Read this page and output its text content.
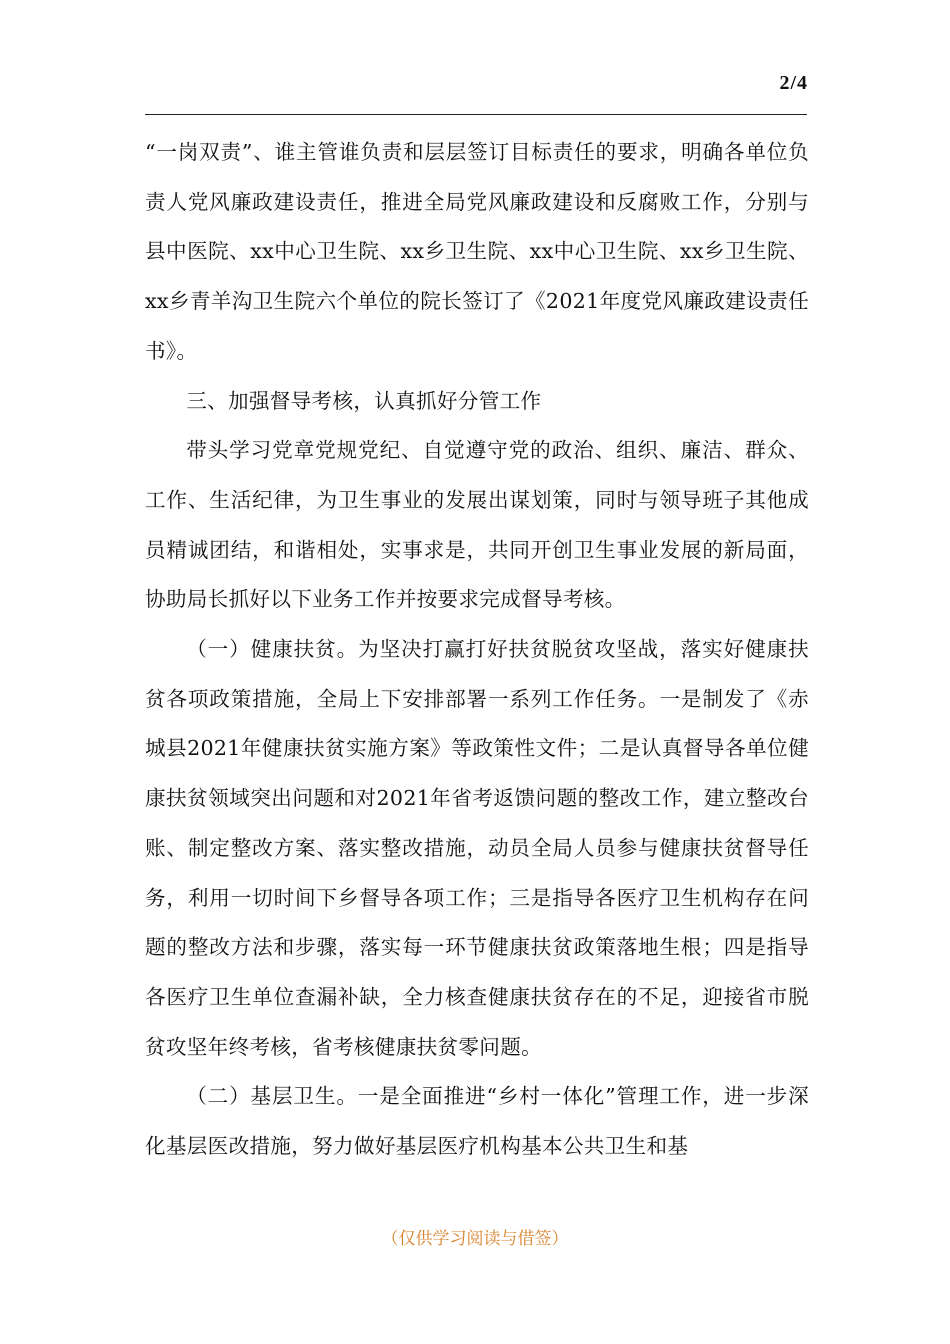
2/4

“一岗双责”、谁主管谁负责和层层签订目标责任的要求，明确各单位负责人党风廉政建设责任，推进全局党风廉政建设和反腐败工作，分别与县中医院、xx中心卫生院、xx乡卫生院、xx中心卫生院、xx乡卫生院、xx乡青羊沟卫生院六个单位的院长签订了《2021年度党风廉政建设责任书》。

三、加强督导考核，认真抓好分管工作

带头学习党章党规党纪、自觉遵守党的政治、组织、廉洁、群众、工作、生活纪律，为卫生事业的发展出谋划策，同时与领导班子其他成员精诚团结，和谐相处，实事求是，共同开创卫生事业发展的新局面，协助局长抓好以下业务工作并按要求完成督导考核。

（一）健康扶贫。为坚决打赢打好扶贫脱贫攻坚战，落实好健康扶贫各项政策措施，全局上下安排部署一系列工作任务。一是制发了《赤城县2021年健康扶贫实施方案》等政策性文件；二是认真督导各单位健康扶贫领域突出问题和对2021年省考返馈问题的整改工作，建立整改台账、制定整改方案、落实整改措施，动员全局人员参与健康扶贫督导任务，利用一切时间下乡督导各项工作；三是指导各医疗卫生机构存在问题的整改方法和步骤，落实每一环节健康扶贫政策落地生根；四是指导各医疗卫生单位查漏补缺，全力核查健康扶贫存在的不足，迎接省市脱贫攻坚年终考核，省考核健康扶贫零问题。

（二）基层卫生。一是全面推进“乡村一体化”管理工作，进一步深化基层医改措施，努力做好基层医疗机构基本公共卫生和基

（仅供学习阅读与借签）
